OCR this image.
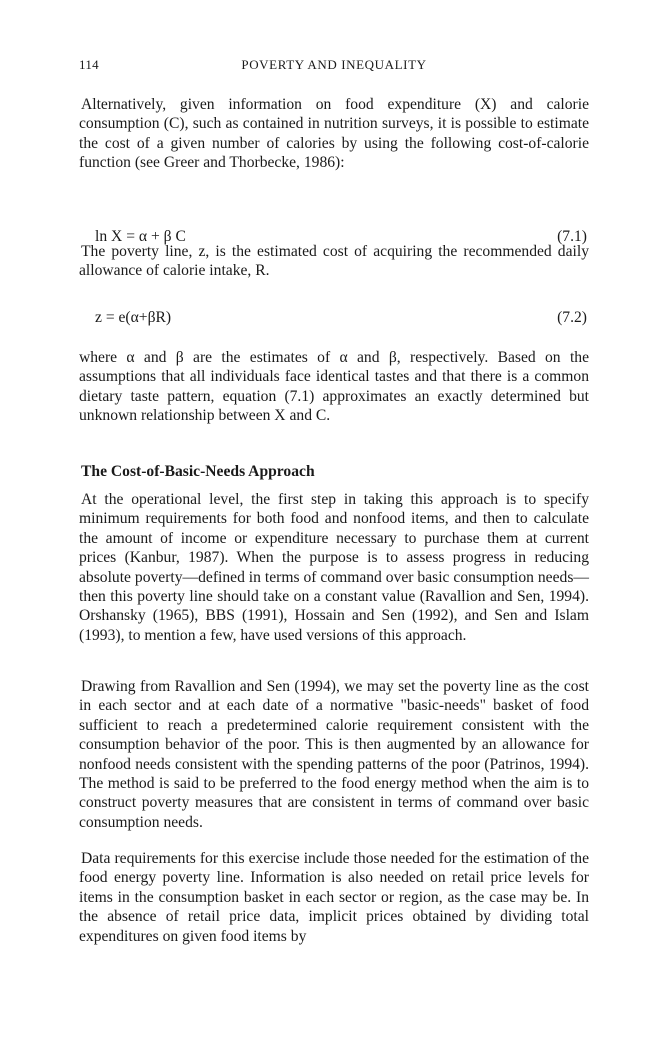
114	POVERTY AND INEQUALITY

Alternatively, given information on food expenditure (X) and calorie consumption (C), such as contained in nutrition surveys, it is possible to estimate the cost of a given number of calories by using the following cost-of-calorie function (see Greer and Thorbecke, 1986):

ln X = α + β C	(7.1)

The poverty line, z, is the estimated cost of acquiring the recommended daily allowance of calorie intake, R.

z = e(α+βR)	(7.2)

where α and β are the estimates of α and β, respectively. Based on the assumptions that all individuals face identical tastes and that there is a common dietary taste pattern, equation (7.1) approximates an exactly determined but unknown relationship between X and C.

The Cost-of-Basic-Needs Approach

At the operational level, the first step in taking this approach is to specify minimum requirements for both food and nonfood items, and then to calculate the amount of income or expenditure necessary to purchase them at current prices (Kanbur, 1987). When the purpose is to assess progress in reducing absolute poverty—defined in terms of command over basic consumption needs—then this poverty line should take on a constant value (Ravallion and Sen, 1994). Orshansky (1965), BBS (1991), Hossain and Sen (1992), and Sen and Islam (1993), to mention a few, have used versions of this approach.

Drawing from Ravallion and Sen (1994), we may set the poverty line as the cost in each sector and at each date of a normative "basic-needs" basket of food sufficient to reach a predetermined calorie requirement consistent with the consumption behavior of the poor. This is then augmented by an allowance for nonfood needs consistent with the spending patterns of the poor (Patrinos, 1994). The method is said to be preferred to the food energy method when the aim is to construct poverty measures that are consistent in terms of command over basic consumption needs.

Data requirements for this exercise include those needed for the estimation of the food energy poverty line. Information is also needed on retail price levels for items in the consumption basket in each sector or region, as the case may be. In the absence of retail price data, implicit prices obtained by dividing total expenditures on given food items by
